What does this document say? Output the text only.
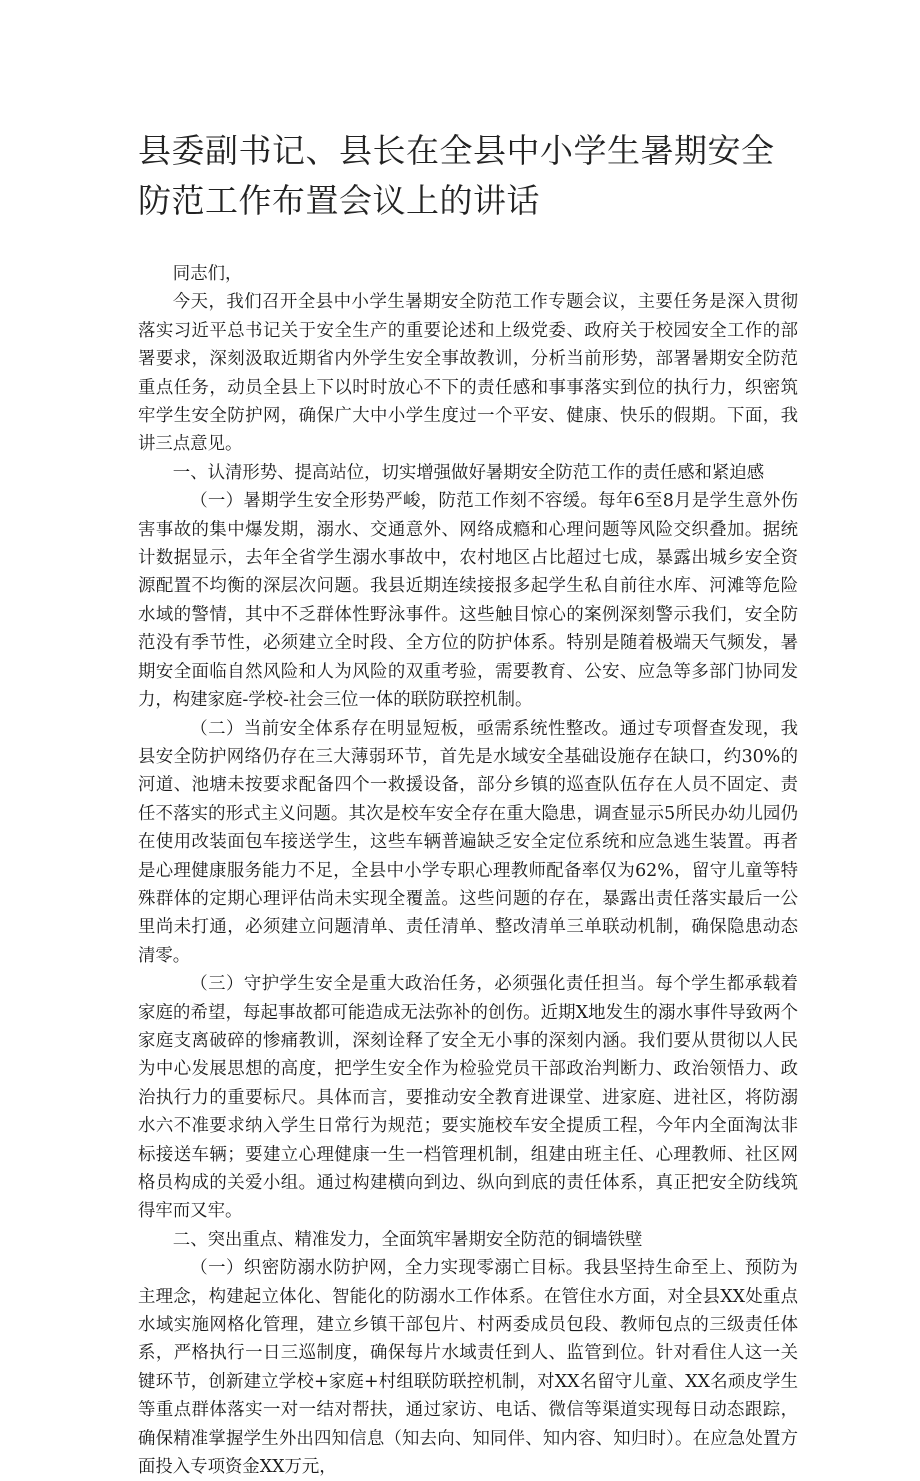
县委副书记、县长在全县中小学生暑期安全防范工作布置会议上的讲话

同志们，

今天，我们召开全县中小学生暑期安全防范工作专题会议，主要任务是深入贯彻落实习近平总书记关于安全生产的重要论述和上级党委、政府关于校园安全工作的部署要求，深刻汲取近期省内外学生安全事故教训，分析当前形势，部署暑期安全防范重点任务，动员全县上下以时时放心不下的责任感和事事落实到位的执行力，织密筑牢学生安全防护网，确保广大中小学生度过一个平安、健康、快乐的假期。下面，我讲三点意见。

一、认清形势、提高站位，切实增强做好暑期安全防范工作的责任感和紧迫感

（一）暑期学生安全形势严峻，防范工作刻不容缓。每年6至8月是学生意外伤害事故的集中爆发期，溺水、交通意外、网络成瘾和心理问题等风险交织叠加。据统计数据显示，去年全省学生溺水事故中，农村地区占比超过七成，暴露出城乡安全资源配置不均衡的深层次问题。我县近期连续接报多起学生私自前往水库、河滩等危险水域的警情，其中不乏群体性野泳事件。这些触目惊心的案例深刻警示我们，安全防范没有季节性，必须建立全时段、全方位的防护体系。特别是随着极端天气频发，暑期安全面临自然风险和人为风险的双重考验，需要教育、公安、应急等多部门协同发力，构建家庭-学校-社会三位一体的联防联控机制。

（二）当前安全体系存在明显短板，亟需系统性整改。通过专项督查发现，我县安全防护网络仍存在三大薄弱环节，首先是水域安全基础设施存在缺口，约30%的河道、池塘未按要求配备四个一救援设备，部分乡镇的巡查队伍存在人员不固定、责任不落实的形式主义问题。其次是校车安全存在重大隐患，调查显示5所民办幼儿园仍在使用改装面包车接送学生，这些车辆普遍缺乏安全定位系统和应急逃生装置。再者是心理健康服务能力不足，全县中小学专职心理教师配备率仅为62%，留守儿童等特殊群体的定期心理评估尚未实现全覆盖。这些问题的存在，暴露出责任落实最后一公里尚未打通，必须建立问题清单、责任清单、整改清单三单联动机制，确保隐患动态清零。

（三）守护学生安全是重大政治任务，必须强化责任担当。每个学生都承载着家庭的希望，每起事故都可能造成无法弥补的创伤。近期X地发生的溺水事件导致两个家庭支离破碎的惨痛教训，深刻诠释了安全无小事的深刻内涵。我们要从贯彻以人民为中心发展思想的高度，把学生安全作为检验党员干部政治判断力、政治领悟力、政治执行力的重要标尺。具体而言，要推动安全教育进课堂、进家庭、进社区，将防溺水六不准要求纳入学生日常行为规范；要实施校车安全提质工程，今年内全面淘汰非标接送车辆；要建立心理健康一生一档管理机制，组建由班主任、心理教师、社区网格员构成的关爱小组。通过构建横向到边、纵向到底的责任体系，真正把安全防线筑得牢而又牢。

二、突出重点、精准发力，全面筑牢暑期安全防范的铜墙铁壁

（一）织密防溺水防护网，全力实现零溺亡目标。我县坚持生命至上、预防为主理念，构建起立体化、智能化的防溺水工作体系。在管住水方面，对全县XX处重点水域实施网格化管理，建立乡镇干部包片、村两委成员包段、教师包点的三级责任体系，严格执行一日三巡制度，确保每片水域责任到人、监管到位。针对看住人这一关键环节，创新建立学校+家庭+村组联防联控机制，对XX名留守儿童、XX名顽皮学生等重点群体落实一对一结对帮扶，通过家访、电话、微信等渠道实现每日动态跟踪，确保精准掌握学生外出四知信息（知去向、知同伴、知内容、知归时）。在应急处置方面投入专项资金XX万元，
